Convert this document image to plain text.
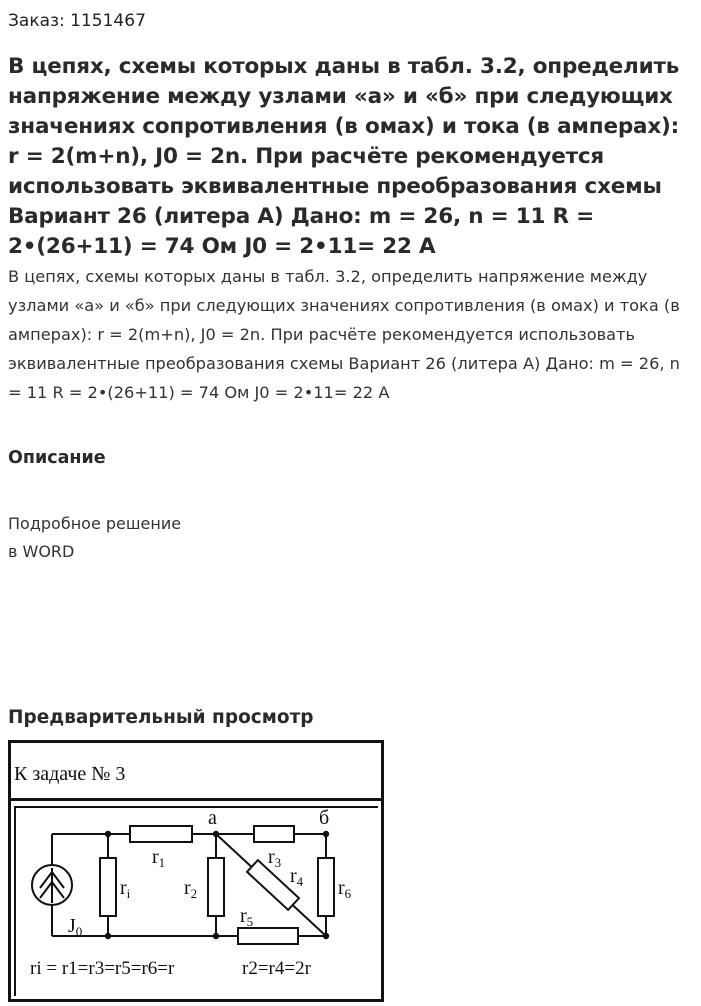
Заказ: 1151467
В цепях, схемы которых даны в табл. 3.2, определить напряжение между узлами «а» и «б» при следующих значениях сопротивления (в омах) и тока (в амперах): r = 2(m+n), J0 = 2n. При расчёте рекомендуется использовать эквивалентные преобразования схемы Вариант 26 (литера А) Дано: m = 26, n = 11 R = 2•(26+11) = 74 Ом J0 = 2•11= 22 А

В цепях, схемы которых даны в табл. 3.2, определить напряжение между узлами «а» и «б» при следующих значениях сопротивления (в омах) и тока (в амперах): r = 2(m+n), J0 = 2n. При расчёте рекомендуется использовать эквивалентные преобразования схемы Вариант 26 (литера А) Дано: m = 26, n = 11 R = 2•(26+11) = 74 Ом J0 = 2•11= 22 А

Описание
Подробное решение
в WORD
Предварительный просмотр
К задаче № 3
а	б
$r_1$
$r_i$	$r_2$
$r_3$
$r_4$ $r_6$
$r_5$
$J_0$
ri = r1=r3=r5=r6=r	r2=r4=2r
